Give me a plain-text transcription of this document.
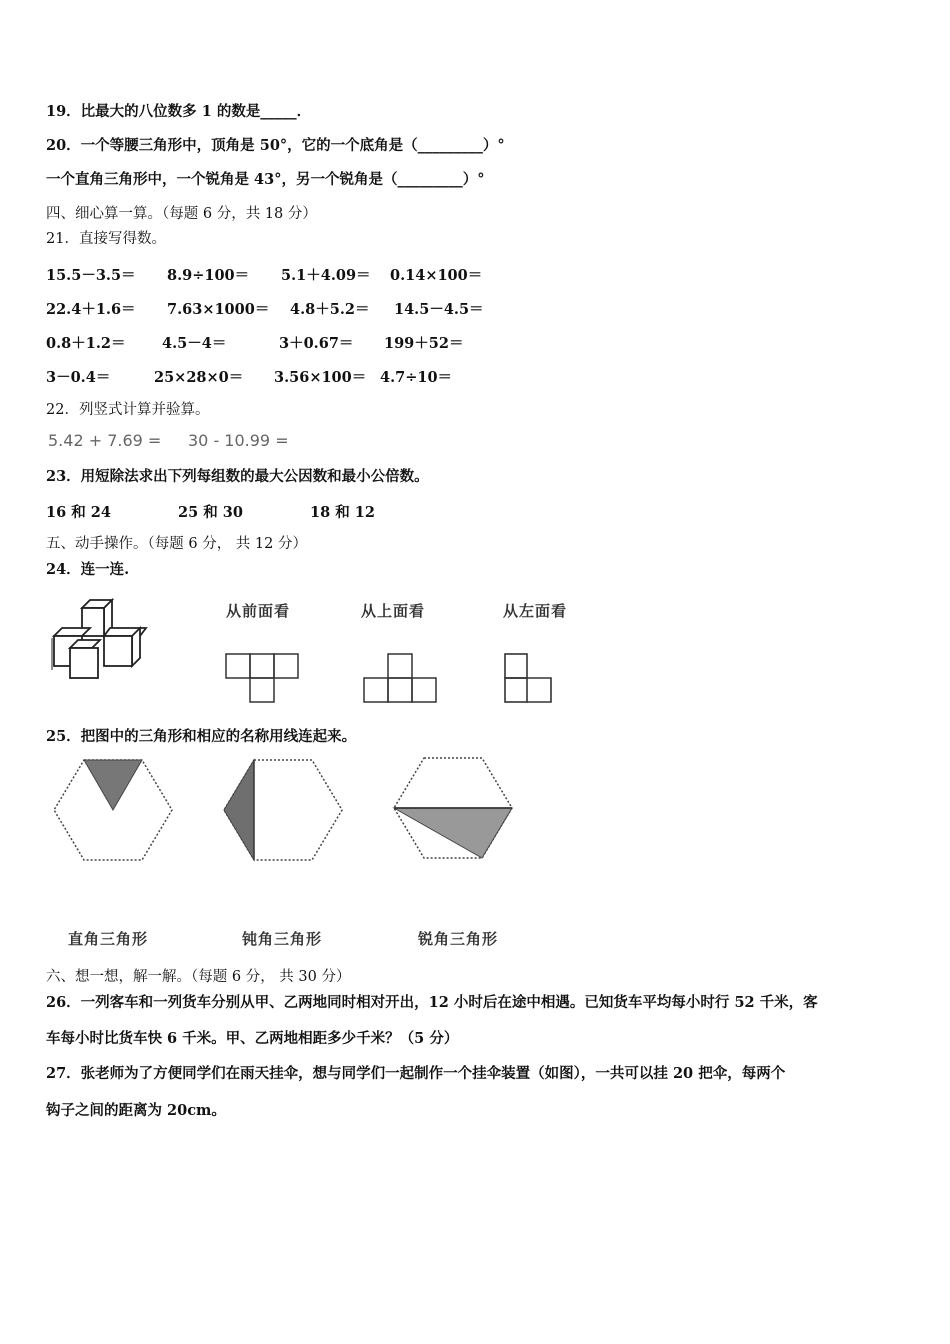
19．比最大的八位数多 1 的数是_____．
20．一个等腰三角形中，顶角是 50°，它的一个底角是（_________）°
一个直角三角形中，一个锐角是 43°，另一个锐角是（_________）°
四、细心算一算。（每题 6 分，共 18 分）
21．直接写得数。
15.5－3.5＝ 8.9÷100＝ 5.1＋4.09＝ 0.14×100＝
22.4＋1.6＝ 7.63×1000＝ 4.8＋5.2＝ 14.5－4.5＝
0.8＋1.2＝	4.5－4＝	3＋0.67＝ 199＋52＝
3－0.4＝	25×28×0＝ 3.56×100＝ 4.7÷10＝
22．列竖式计算并验算。
5.42 + 7.69 = 30 - 10.99 =
23．用短除法求出下列每组数的最大公因数和最小公倍数。
16 和 24	25 和 30	18 和 12
五、动手操作。（每题 6 分， 共 12 分）
24．连一连.
从前面看	从上面看	从左面看
25．把图中的三角形和相应的名称用线连起来。
直角三角形	钝角三角形	锐角三角形
六、想一想，解一解。（每题 6 分， 共 30 分）
26．一列客车和一列货车分别从甲、乙两地同时相对开出，12 小时后在途中相遇。已知货车平均每小时行 52 千米，客
车每小时比货车快 6 千米。甲、乙两地相距多少千米？（5 分）
27．张老师为了方便同学们在雨天挂伞，想与同学们一起制作一个挂伞装置（如图），一共可以挂 20 把伞，每两个
钩子之间的距离为 20cm。
